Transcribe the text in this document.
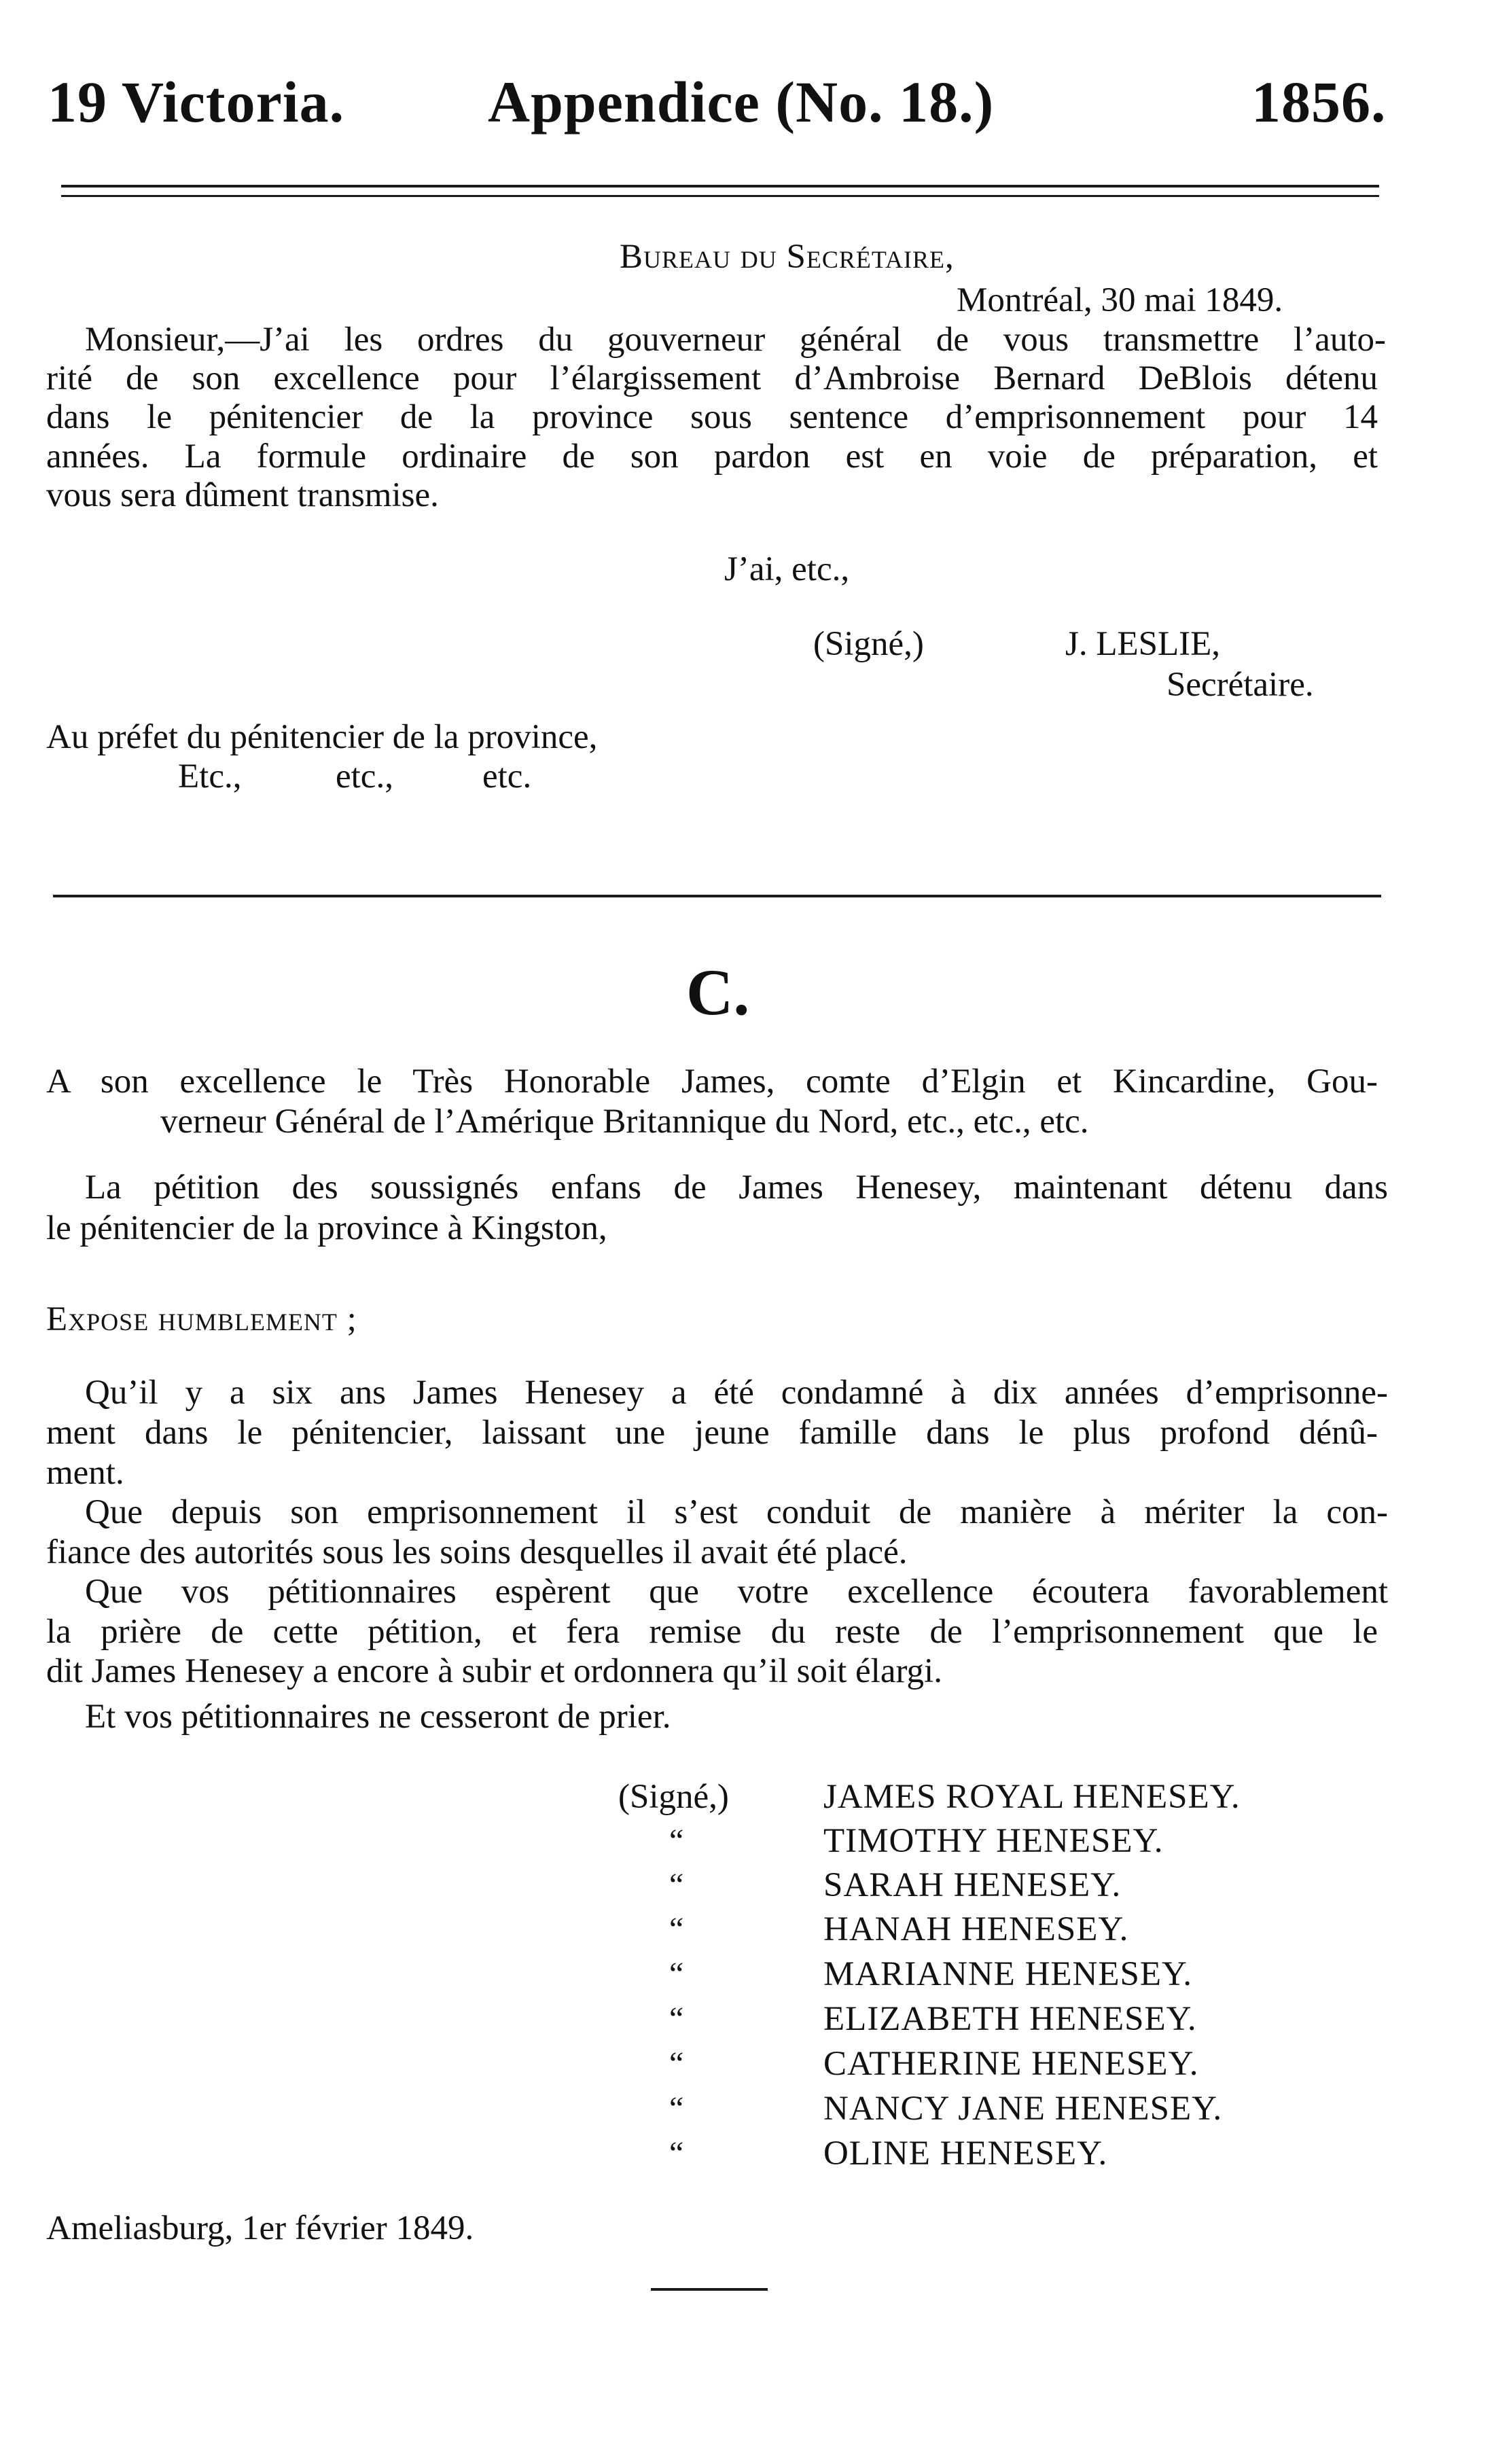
19 Victoria. Appendice (No. 18.)	1856.
Bureau du Secrétaire,
Montréal, 30 mai 1849.
Monsieur,—J’ai les ordres du gouverneur général de vous transmettre l’auto-
rité de son excellence pour l’élargissement d’Ambroise Bernard DeBlois détenu
dans le pénitencier de la province sous sentence d’emprisonnement pour 14
années. La formule ordinaire de son pardon est en voie de préparation, et
vous sera dûment transmise.
J’ai, etc.,
(Signé,)	J. LESLIE,
Secrétaire.
Au préfet du pénitencier de la province,
Etc.,	etc.,	etc.
C.
A son excellence le Très Honorable James, comte d’Elgin et Kincardine, Gou-
verneur Général de l’Amérique Britannique du Nord, etc., etc., etc.
La pétition des soussignés enfans de James Henesey, maintenant détenu dans
le pénitencier de la province à Kingston,
Expose humblement ;
Qu’il y a six ans James Henesey a été condamné à dix années d’emprisonne-
ment dans le pénitencier, laissant une jeune famille dans le plus profond dénû-
ment.
Que depuis son emprisonnement il s’est conduit de manière à mériter la con-
fiance des autorités sous les soins desquelles il avait été placé.
Que vos pétitionnaires espèrent que votre excellence écoutera favorablement
la prière de cette pétition, et fera remise du reste de l’emprisonnement que le
dit James Henesey a encore à subir et ordonnera qu’il soit élargi.
Et vos pétitionnaires ne cesseront de prier.
(Signé,)	JAMES ROYAL HENESEY.
“	TIMOTHY HENESEY.
“	SARAH HENESEY.
“	HANAH HENESEY.
“	MARIANNE HENESEY.
“	ELIZABETH HENESEY.
“	CATHERINE HENESEY.
“	NANCY JANE HENESEY.
“	OLINE HENESEY.
Ameliasburg, 1er février 1849.
